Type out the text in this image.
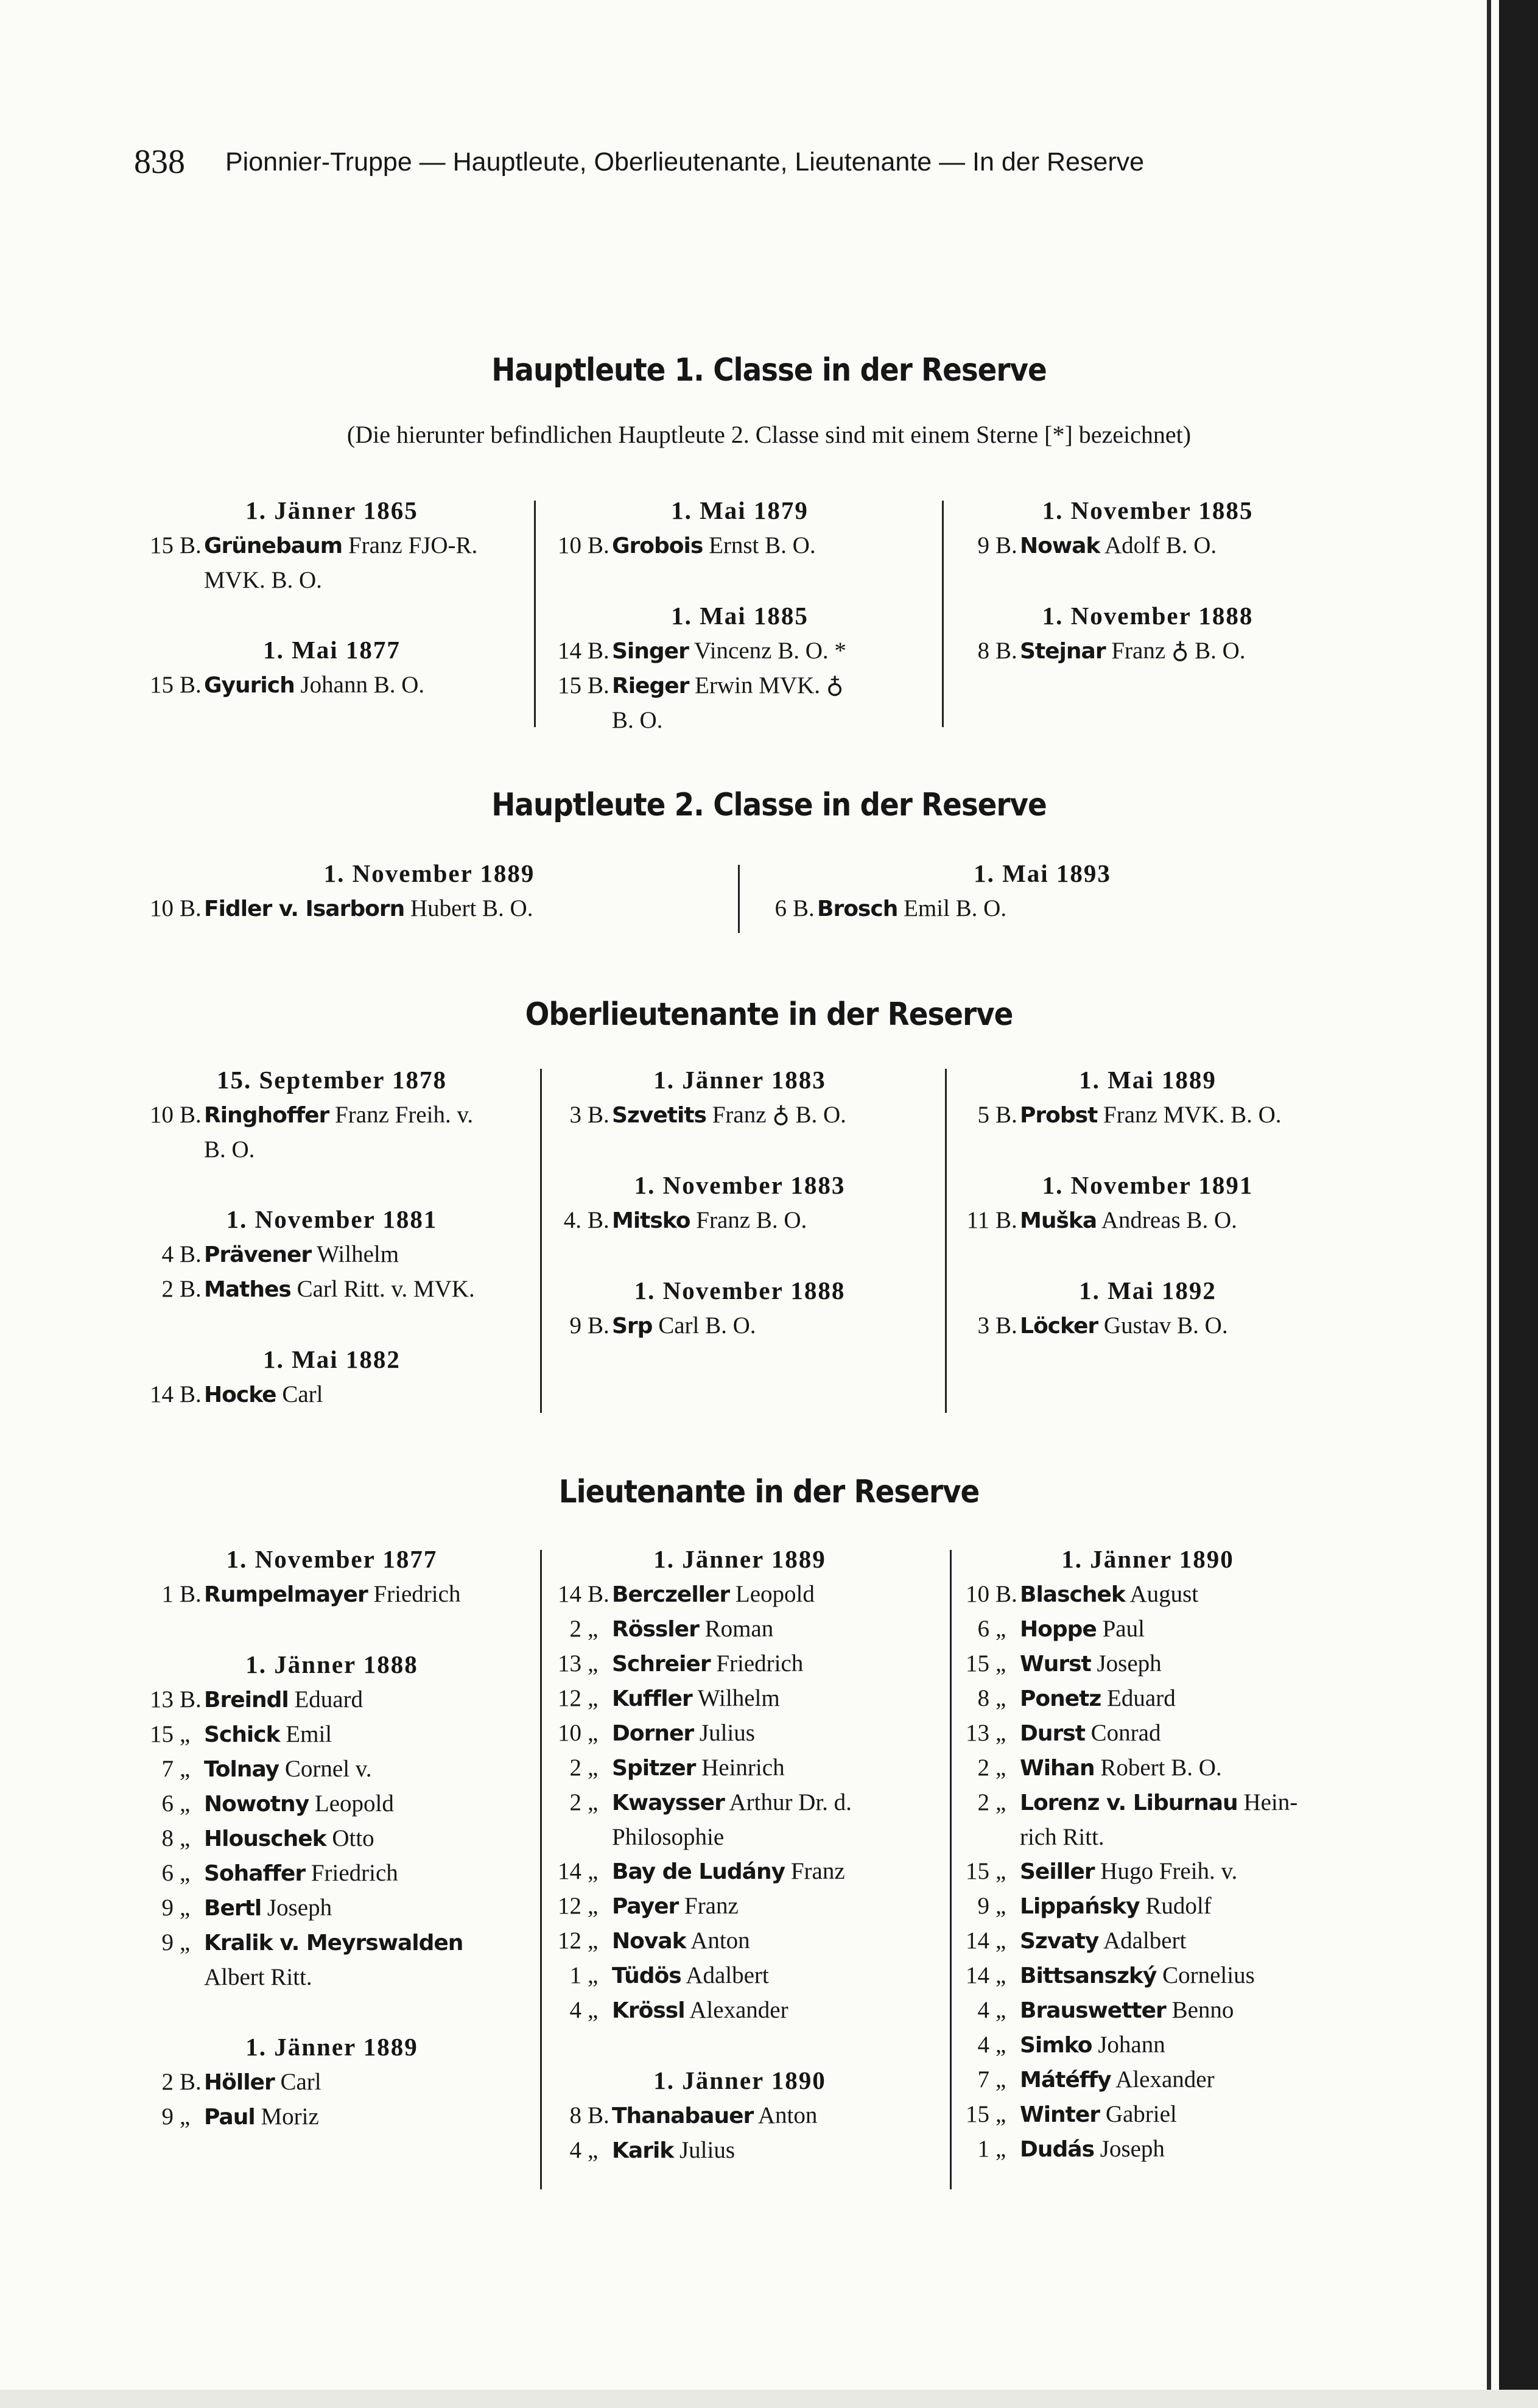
838 Pionnier-Truppe — Hauptleute, Oberlieutenante, Lieutenante — In der Reserve
Hauptleute 1. Classe in der Reserve
(Die hierunter befindlichen Hauptleute 2. Classe sind mit einem Sterne [*] bezeichnet)
1. Jänner 1865
15 B. Grünebaum Franz FJO-R.
MVK. B. O.
1. Mai 1877
15 B. Gyurich Johann B. O.
1. Mai 1879
10 B. Grobois Ernst B. O.
1. Mai 1885
14 B. Singer Vincenz B. O. *
15 B. Rieger Erwin MVK. ♁
B. O.
1. November 1885
9 B. Nowak Adolf B. O.
1. November 1888
8 B. Stejnar Franz ♁ B. O.
Hauptleute 2. Classe in der Reserve
1. November 1889
10 B. Fidler v. Isarborn Hubert B. O.
1. Mai 1893
6 B. Brosch Emil B. O.
Oberlieutenante in der Reserve
15. September 1878
10 B. Ringhoffer Franz Freih. v.
B. O.
1. November 1881
4 B. Prävener Wilhelm
2 B. Mathes Carl Ritt. v. MVK.
1. Mai 1882
14 B. Hocke Carl
1. Jänner 1883
3 B. Szvetits Franz ♁ B. O.
1. November 1883
4. B. Mitsko Franz B. O.
1. November 1888
9 B. Srp Carl B. O.
1. Mai 1889
5 B. Probst Franz MVK. B. O.
1. November 1891
11 B. Muška Andreas B. O.
1. Mai 1892
3 B. Löcker Gustav B. O.
Lieutenante in der Reserve
1. November 1877
1 B. Rumpelmayer Friedrich
1. Jänner 1888
13 B. Breindl Eduard
15 „ Schick Emil
7 „ Tolnay Cornel v.
6 „ Nowotny Leopold
8 „ Hlouschek Otto
6 „ Sohaffer Friedrich
9 „ Bertl Joseph
9 „ Kralik v. Meyrswalden
Albert Ritt.
1. Jänner 1889
2 B. Höller Carl
9 „ Paul Moriz
1. Jänner 1889
14 B. Berczeller Leopold
2 „ Rössler Roman
13 „ Schreier Friedrich
12 „ Kuffler Wilhelm
10 „ Dorner Julius
2 „ Spitzer Heinrich
2 „ Kwaysser Arthur Dr. d.
Philosophie
14 „ Bay de Ludány Franz
12 „ Payer Franz
12 „ Novak Anton
1 „ Tüdös Adalbert
4 „ Krössl Alexander
1. Jänner 1890
8 B. Thanabauer Anton
4 „ Karik Julius
1. Jänner 1890
10 B. Blaschek August
6 „ Hoppe Paul
15 „ Wurst Joseph
8 „ Ponetz Eduard
13 „ Durst Conrad
2 „ Wihan Robert B. O.
2 „ Lorenz v. Liburnau Hein-
rich Ritt.
15 „ Seiller Hugo Freih. v.
9 „ Lippańsky Rudolf
14 „ Szvaty Adalbert
14 „ Bittsanszký Cornelius
4 „ Brauswetter Benno
4 „ Simko Johann
7 „ Mátéffy Alexander
15 „ Winter Gabriel
1 „ Dudás Joseph
